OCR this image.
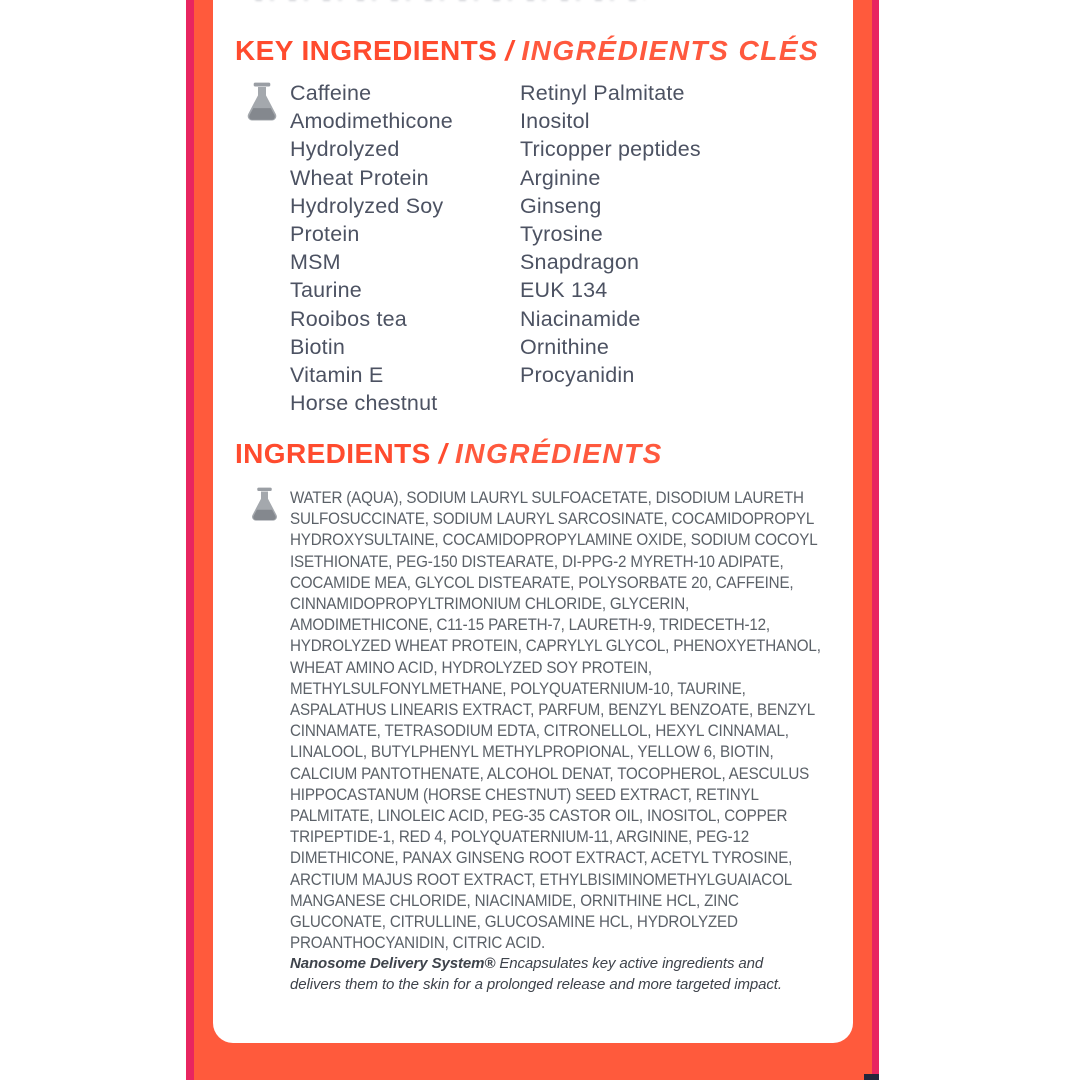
KEY INGREDIENTS / INGRÉDIENTS CLÉS
Caffeine
Amodimethicone
Hydrolyzed
Wheat Protein
Hydrolyzed Soy
Protein
MSM
Taurine
Rooibos tea
Biotin
Vitamin E
Horse chestnut
Retinyl Palmitate
Inositol
Tricopper peptides
Arginine
Ginseng
Tyrosine
Snapdragon
EUK 134
Niacinamide
Ornithine
Procyanidin
INGREDIENTS / INGRÉDIENTS
WATER (AQUA), SODIUM LAURYL SULFOACETATE, DISODIUM LAURETH SULFOSUCCINATE, SODIUM LAURYL SARCOSINATE, COCAMIDOPROPYL HYDROXYSULTAINE, COCAMIDOPROPYLAMINE OXIDE, SODIUM COCOYL ISETHIONATE, PEG-150 DISTEARATE, DI-PPG-2 MYRETH-10 ADIPATE, COCAMIDE MEA, GLYCOL DISTEARATE, POLYSORBATE 20, CAFFEINE, CINNAMIDOPROPYLTRIMONIUM CHLORIDE, GLYCERIN, AMODIMETHICONE, C11-15 PARETH-7, LAURETH-9, TRIDECETH-12, HYDROLYZED WHEAT PROTEIN, CAPRYLYL GLYCOL, PHENOXYETHANOL, WHEAT AMINO ACID, HYDROLYZED SOY PROTEIN, METHYLSULFONYLMETHANE, POLYQUATERNIUM-10, TAURINE, ASPALATHUS LINEARIS EXTRACT, PARFUM, BENZYL BENZOATE, BENZYL CINNAMATE, TETRASODIUM EDTA, CITRONELLOL, HEXYL CINNAMAL, LINALOOL, BUTYLPHENYL METHYLPROPIONAL, YELLOW 6, BIOTIN, CALCIUM PANTOTHENATE, ALCOHOL DENAT, TOCOPHEROL, AESCULUS HIPPOCASTANUM (HORSE CHESTNUT) SEED EXTRACT, RETINYL PALMITATE, LINOLEIC ACID, PEG-35 CASTOR OIL, INOSITOL, COPPER TRIPEPTIDE-1, RED 4, POLYQUATERNIUM-11, ARGININE, PEG-12 DIMETHICONE, PANAX GINSENG ROOT EXTRACT, ACETYL TYROSINE, ARCTIUM MAJUS ROOT EXTRACT, ETHYLBISIMINOMETHYLGUAIACOL MANGANESE CHLORIDE, NIACINAMIDE, ORNITHINE HCL, ZINC GLUCONATE, CITRULLINE, GLUCOSAMINE HCL, HYDROLYZED PROANTHOCYANIDIN, CITRIC ACID.
Nanosome Delivery System® Encapsulates key active ingredients and delivers them to the skin for a prolonged release and more targeted impact.
